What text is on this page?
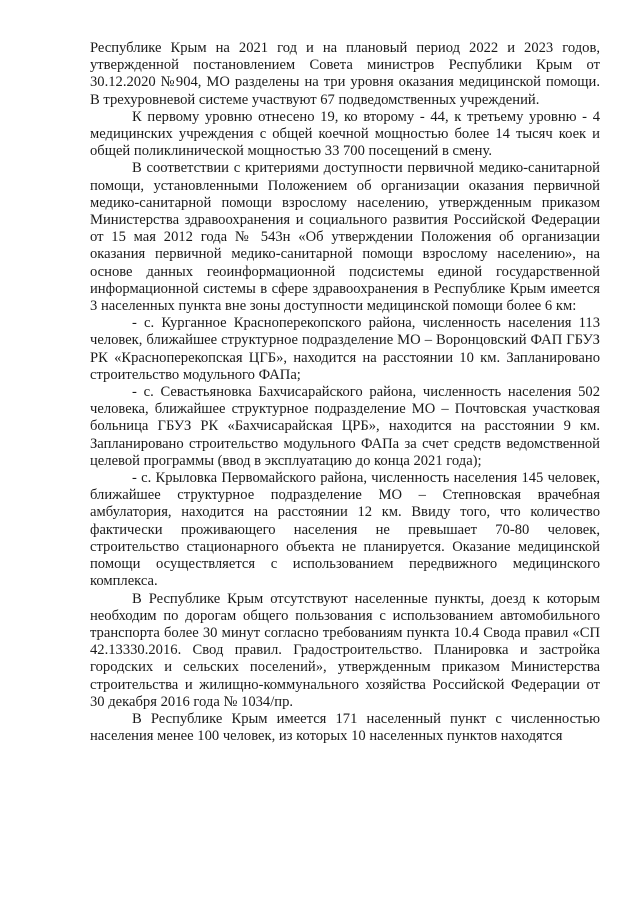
Республике Крым на 2021 год и на плановый период 2022 и 2023 годов, утвержденной постановлением Совета министров Республики Крым от 30.12.2020 №904, МО разделены на три уровня оказания медицинской помощи. В трехуровневой системе участвуют 67 подведомственных учреждений.

К первому уровню отнесено 19, ко второму - 44, к третьему уровню - 4 медицинских учреждения с общей коечной мощностью более 14 тысяч коек и общей поликлинической мощностью 33 700 посещений в смену.

В соответствии с критериями доступности первичной медико-санитарной помощи, установленными Положением об организации оказания первичной медико-санитарной помощи взрослому населению, утвержденным приказом Министерства здравоохранения и социального развития Российской Федерации от 15 мая 2012 года № 543н «Об утверждении Положения об организации оказания первичной медико-санитарной помощи взрослому населению», на основе данных геоинформационной подсистемы единой государственной информационной системы в сфере здравоохранения в Республике Крым имеется 3 населенных пункта вне зоны доступности медицинской помощи более 6 км:

- с. Курганное Красноперекопского района, численность населения 113 человек, ближайшее структурное подразделение МО – Воронцовский ФАП ГБУЗ РК «Красноперекопская ЦГБ», находится на расстоянии 10 км. Запланировано строительство модульного ФАПа;

- с. Севастьяновка Бахчисарайского района, численность населения 502 человека, ближайшее структурное подразделение МО – Почтовская участковая больница ГБУЗ РК «Бахчисарайская ЦРБ», находится на расстоянии 9 км. Запланировано строительство модульного ФАПа за счет средств ведомственной целевой программы (ввод в эксплуатацию до конца 2021 года);

- с. Крыловка Первомайского района, численность населения 145 человек, ближайшее структурное подразделение МО – Степновская врачебная амбулатория, находится на расстоянии 12 км. Ввиду того, что количество фактически проживающего населения не превышает 70-80 человек, строительство стационарного объекта не планируется. Оказание медицинской помощи осуществляется с использованием передвижного медицинского комплекса.

В Республике Крым отсутствуют населенные пункты, доезд к которым необходим по дорогам общего пользования с использованием автомобильного транспорта более 30 минут согласно требованиям пункта 10.4 Свода правил «СП 42.13330.2016. Свод правил. Градостроительство. Планировка и застройка городских и сельских поселений», утвержденным приказом Министерства строительства и жилищно-коммунального хозяйства Российской Федерации от 30 декабря 2016 года № 1034/пр.

В Республике Крым имеется 171 населенный пункт с численностью населения менее 100 человек, из которых 10 населенных пунктов находятся
